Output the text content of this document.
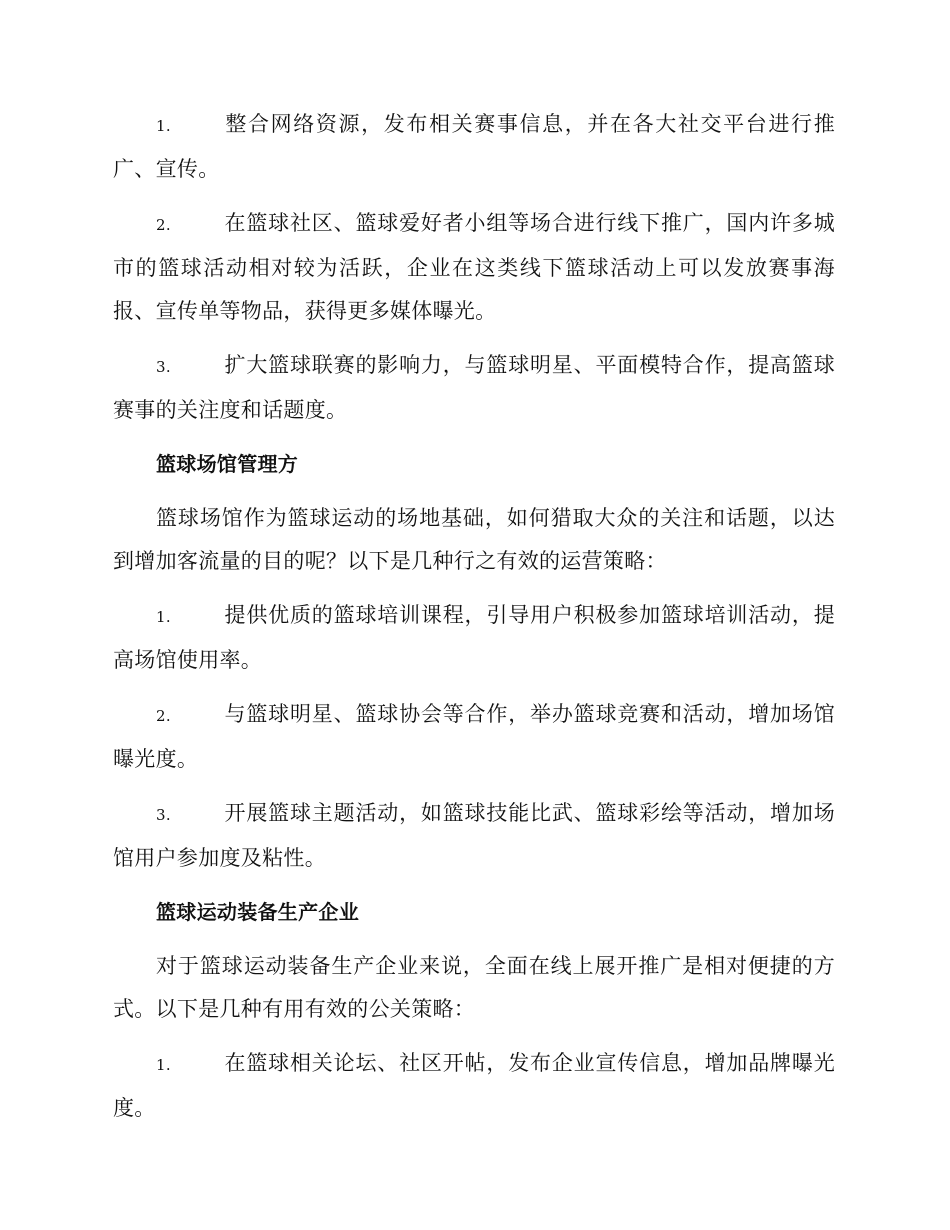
1.	整合网络资源，发布相关赛事信息，并在各大社交平台进行推广、宣传。

2.	在篮球社区、篮球爱好者小组等场合进行线下推广，国内许多城市的篮球活动相对较为活跃，企业在这类线下篮球活动上可以发放赛事海报、宣传单等物品，获得更多媒体曝光。

3.	扩大篮球联赛的影响力，与篮球明星、平面模特合作，提高篮球赛事的关注度和话题度。

篮球场馆管理方

篮球场馆作为篮球运动的场地基础，如何猎取大众的关注和话题，以达到增加客流量的目的呢？以下是几种行之有效的运营策略：

1.	提供优质的篮球培训课程，引导用户积极参加篮球培训活动，提高场馆使用率。

2.	与篮球明星、篮球协会等合作，举办篮球竞赛和活动，增加场馆曝光度。

3.	开展篮球主题活动，如篮球技能比武、篮球彩绘等活动，增加场馆用户参加度及粘性。

篮球运动装备生产企业

对于篮球运动装备生产企业来说，全面在线上展开推广是相对便捷的方式。以下是几种有用有效的公关策略：

1.	在篮球相关论坛、社区开帖，发布企业宣传信息，增加品牌曝光度。
